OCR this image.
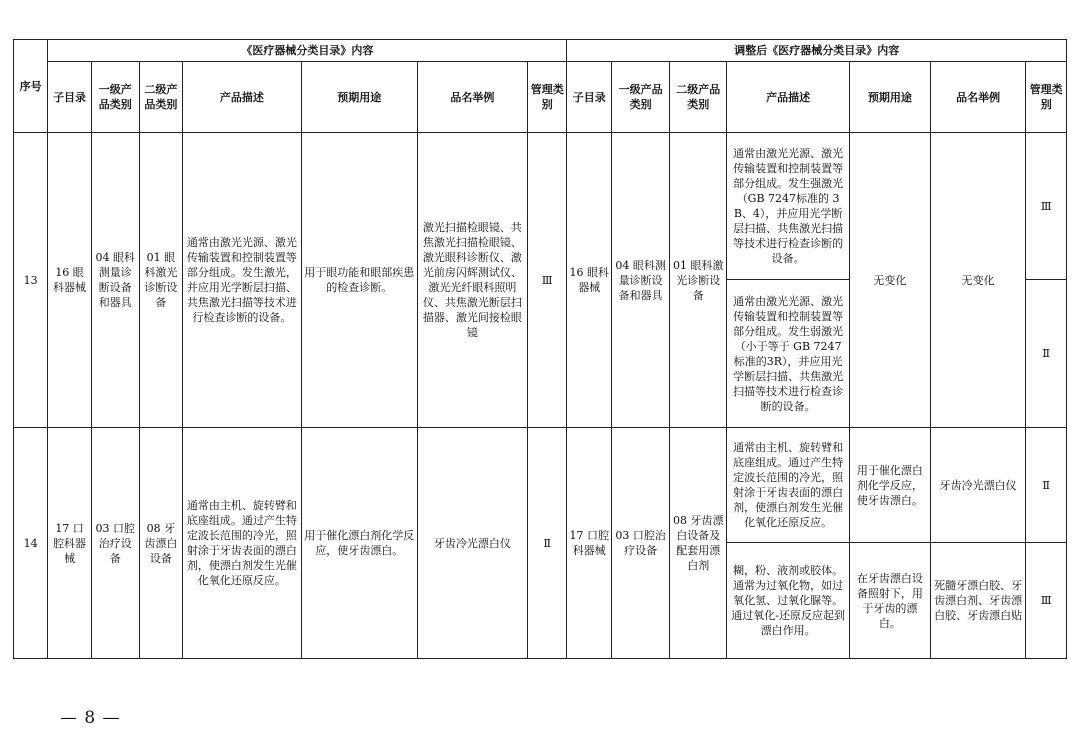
序号	《医疗器械分类目录》内容							调整后《医疗器械分类目录》内容						
	子目录	一级产品类别	二级产品类别	产品描述	预期用途	品名举例	管理类别	子目录	一级产品类别	二级产品类别	产品描述	预期用途	品名举例	管理类别
13	16 眼科器械	04 眼科测量诊断设备和器具	01 眼科激光诊断设备	通常由激光光源、激光传输装置和控制装置等部分组成。发生激光，并应用光学断层扫描、共焦激光扫描等技术进行检查诊断的设备。	用于眼功能和眼部疾患的检查诊断。	激光扫描检眼镜、共焦激光扫描检眼镜、激光眼科诊断仪、激光前房闪辉测试仪、激光光纤眼科照明仪、共焦激光断层扫描器、激光间接检眼镜	Ⅲ	16 眼科器械	04 眼科测量诊断设备和器具	01 眼科激光诊断设备	通常由激光光源、激光传输装置和控制装置等部分组成。发生强激光（GB 7247标准的 3B、4），并应用光学断层扫描、共焦激光扫描等技术进行检查诊断的设备。	无变化	无变化	Ⅲ
											通常由激光光源、激光传输装置和控制装置等部分组成。发生弱激光（小于等于 GB 7247 标准的3R），并应用光学断层扫描、共焦激光扫描等技术进行检查诊断的设备。			Ⅱ
14	17 口腔科器械	03 口腔治疗设备	08 牙齿漂白设备	通常由主机、旋转臂和底座组成。通过产生特定波长范围的冷光，照射涂于牙齿表面的漂白剂，使漂白剂发生光催化氧化还原反应。	用于催化漂白剂化学反应，使牙齿漂白。	牙齿冷光漂白仪	Ⅱ	17 口腔科器械	03 口腔治疗设备	08 牙齿漂白设备及配套用漂白剂	通常由主机、旋转臂和底座组成。通过产生特定波长范围的冷光，照射涂于牙齿表面的漂白剂，使漂白剂发生光催化氧化还原反应。	用于催化漂白剂化学反应，使牙齿漂白。	牙齿冷光漂白仪	Ⅱ
											糊，粉、液剂或胶体。通常为过氧化物，如过氧化氢、过氧化脲等。通过氧化-还原反应起到漂白作用。	在牙齿漂白设备照射下，用于牙齿的漂白。	死髓牙漂白胶、牙齿漂白剂、牙齿漂白胶、牙齿漂白贴	Ⅲ
— 8 —
